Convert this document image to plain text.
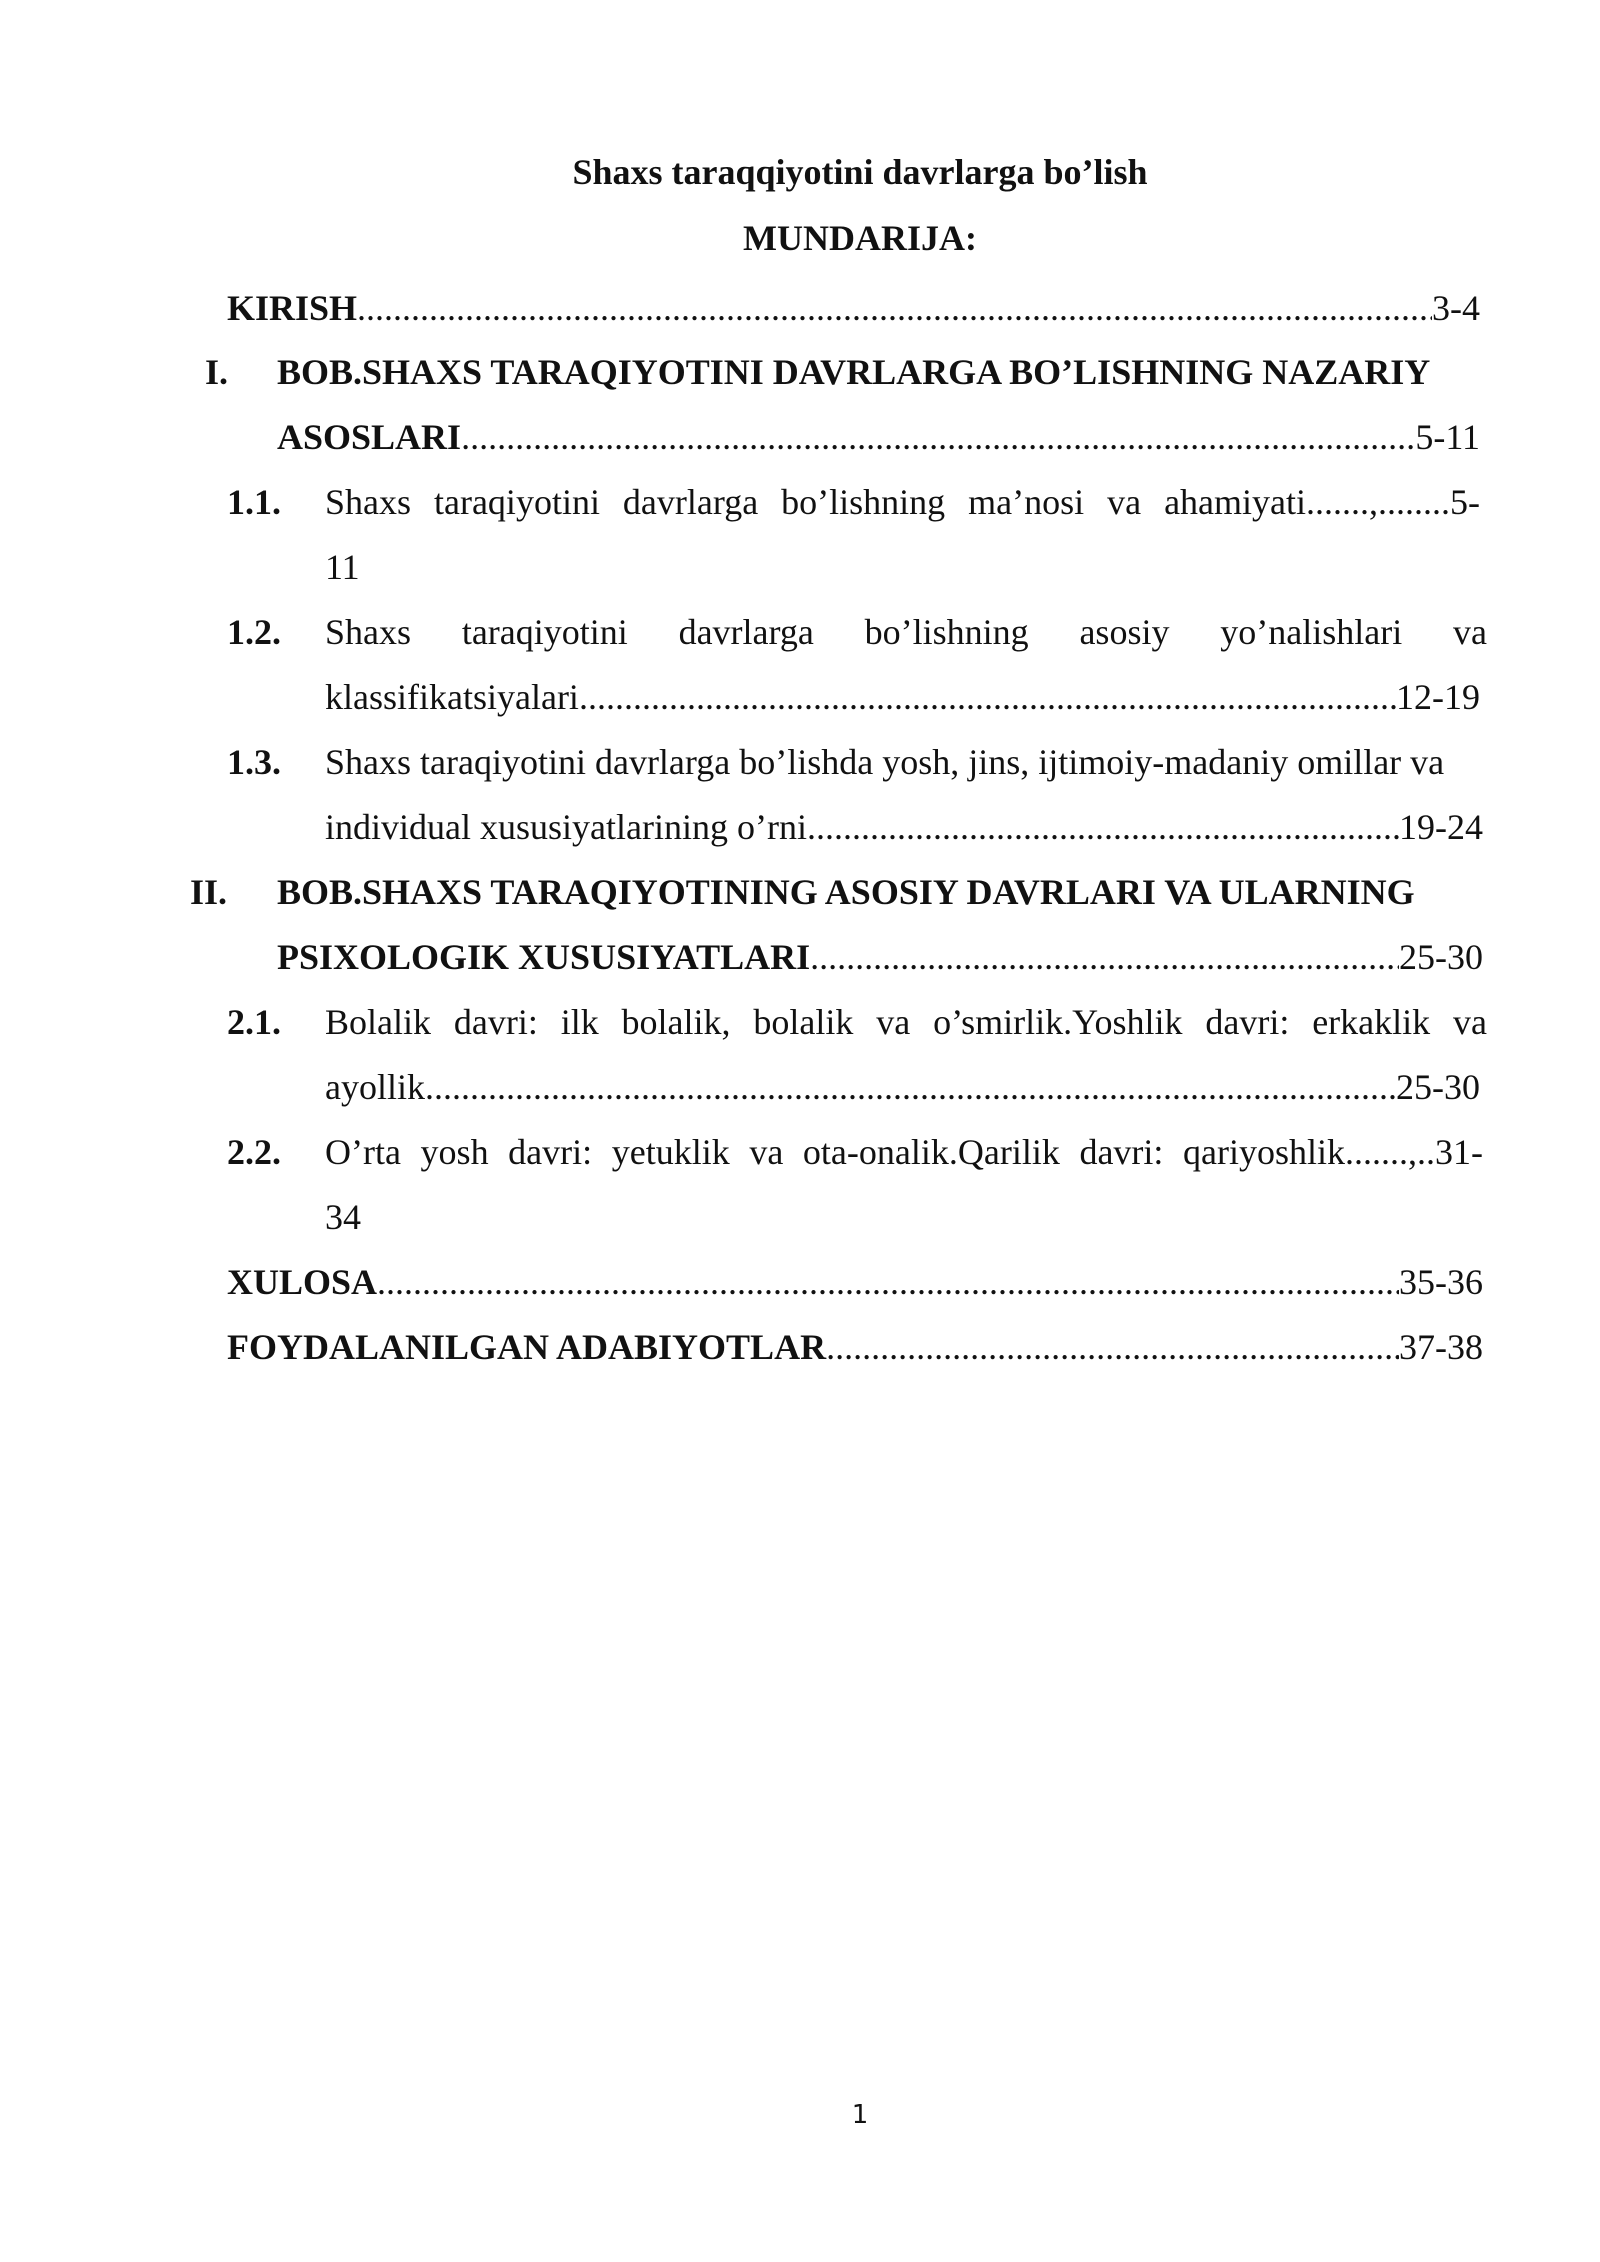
Shaxs taraqqiyotini davrlarga bo’lish
MUNDARIJA:
KIRISH .....	3-4
I. BOB.SHAXS TARAQIYOTINI DAVRLARGA BO’LISHNING NAZARIY
ASOSLARI .....	5-11
1.1. Shaxs taraqiyotini davrlarga bo’lishning ma’nosi va ahamiyati.......,........5-
11
1.2. Shaxs taraqiyotini davrlarga bo’lishning asosiy yo’nalishlari va
klassifikatsiyalari .....	12-19
1.3. Shaxs taraqiyotini davrlarga bo’lishda yosh, jins, ijtimoiy-madaniy omillar va
individual xususiyatlarining o’rni .....	19-24
II. BOB.SHAXS TARAQIYOTINING ASOSIY DAVRLARI VA ULARNING
PSIXOLOGIK XUSUSIYATLARI .....	25-30
2.1. Bolalik davri: ilk bolalik, bolalik va o’smirlik.Yoshlik davri: erkaklik va
ayollik .....	25-30
2.2. O’rta yosh davri: yetuklik va ota-onalik.Qarilik davri: qariyoshlik.......,..31-
34
XULOSA .....	35-36
FOYDALANILGAN ADABIYOTLAR .....	37-38
1
